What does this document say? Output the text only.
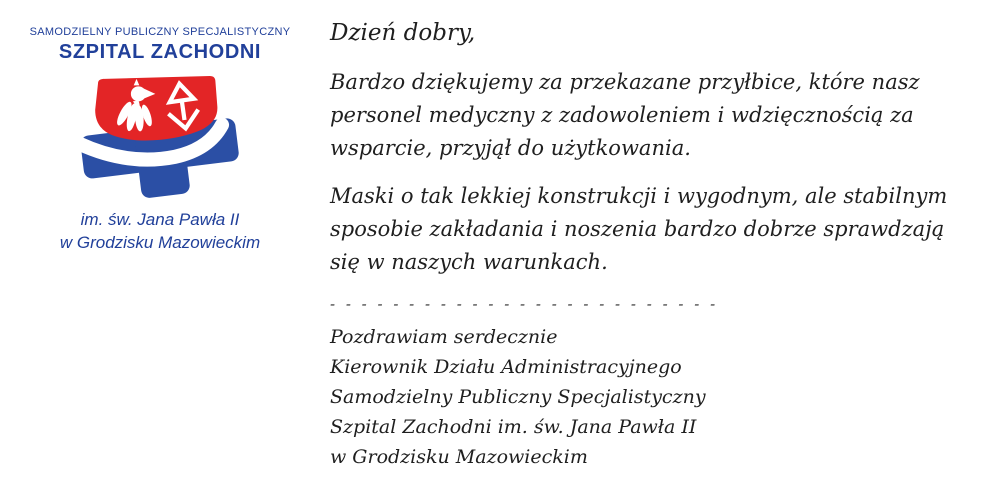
SAMODZIELNY PUBLICZNY SPECJALISTYCZNY
SZPITAL ZACHODNI
im. św. Jana Pawła II
w Grodzisku Mazowieckim

Dzień dobry,

Bardzo dziękujemy za przekazane przyłbice, które nasz personel medyczny z zadowoleniem i wdzięcznością za wsparcie, przyjął do użytkowania.

Maski o tak lekkiej konstrukcji i wygodnym, ale stabilnym sposobie zakładania i noszenia bardzo dobrze sprawdzają się w naszych warunkach.

- - - - - - - - - - - - - - - - - - - - - - - - -
Pozdrawiam serdecznie
Kierownik Działu Administracyjnego
Samodzielny Publiczny Specjalistyczny
Szpital Zachodni im. św. Jana Pawła II
w Grodzisku Mazowieckim
